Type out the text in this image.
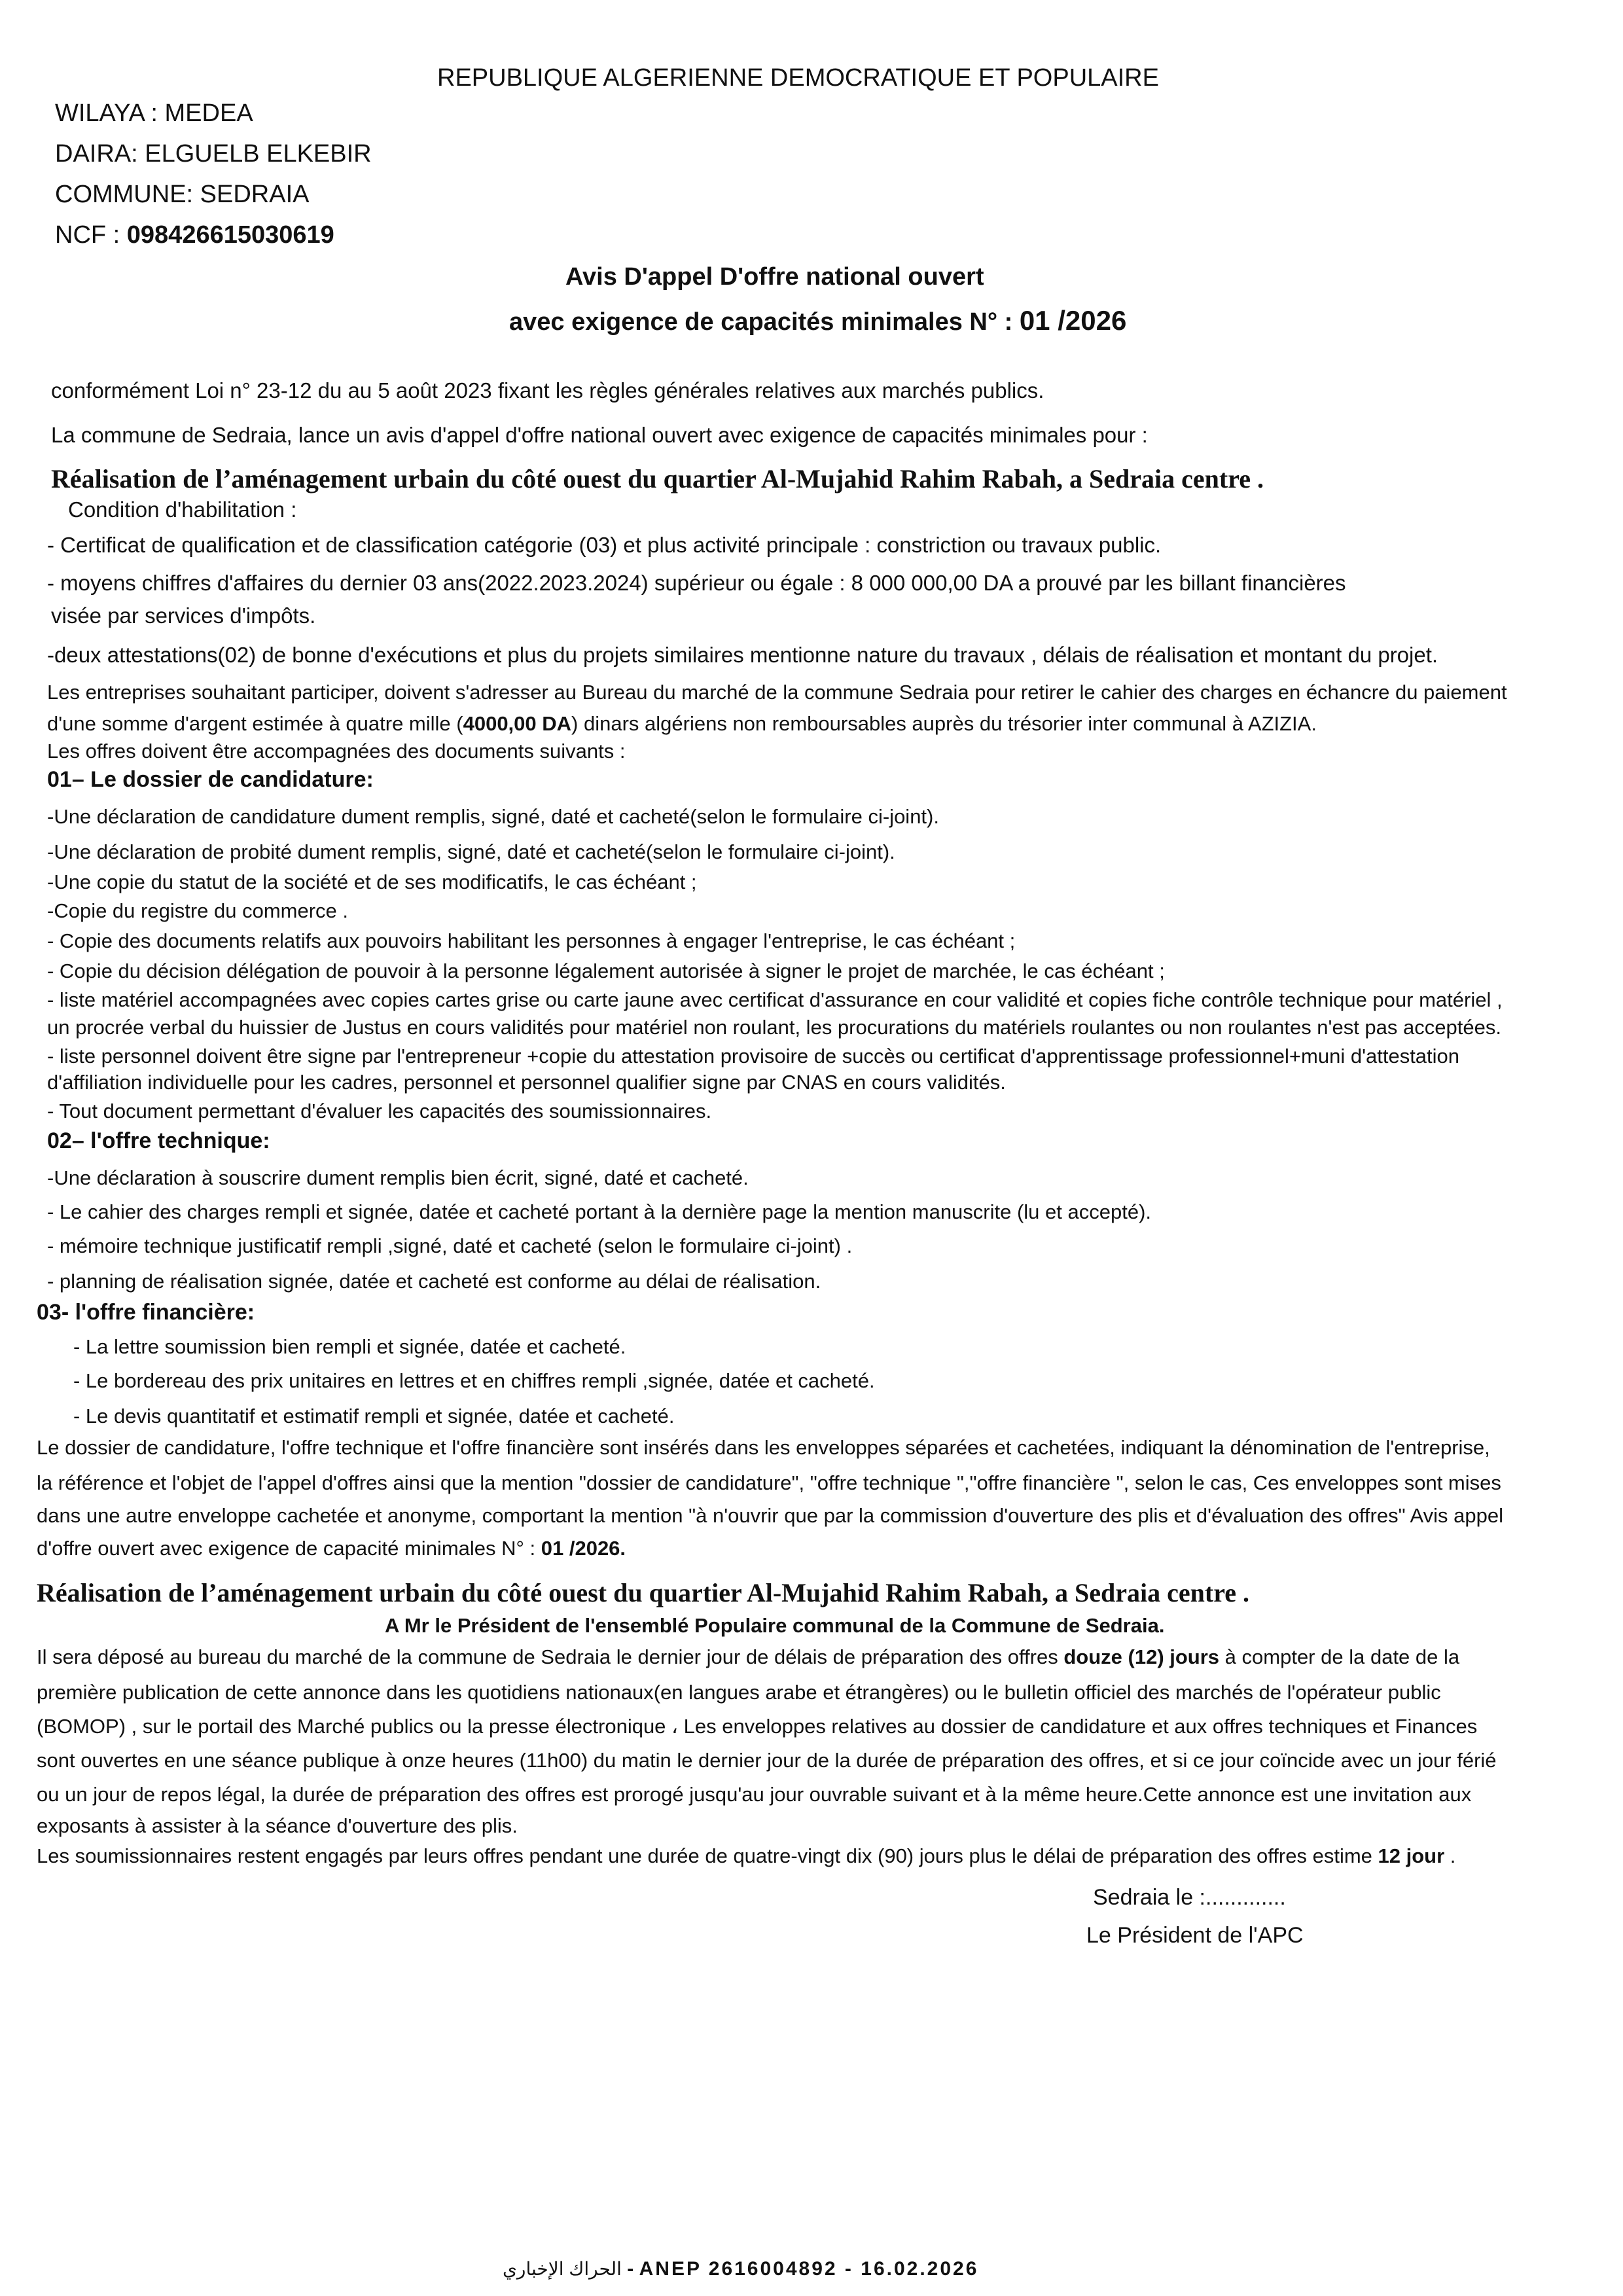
REPUBLIQUE ALGERIENNE DEMOCRATIQUE ET POPULAIRE
WILAYA : MEDEA
DAIRA: ELGUELB ELKEBIR
COMMUNE: SEDRAIA
NCF : 098426615030619
Avis D'appel D'offre national ouvert
avec exigence de capacités minimales N° : 01 /2026
conformément Loi n° 23-12 du au 5 août 2023 fixant les règles générales relatives aux marchés publics.
La commune de Sedraia, lance un avis d'appel d'offre national ouvert avec exigence de capacités minimales pour :
Réalisation de l’aménagement urbain du côté ouest du quartier Al-Mujahid Rahim Rabah, a Sedraia centre .
Condition d'habilitation :
- Certificat de qualification et de classification catégorie (03) et plus activité principale : constriction ou travaux public.
- moyens chiffres d'affaires du dernier 03 ans(2022.2023.2024) supérieur ou égale : 8 000 000,00 DA a prouvé par les billant financières
visée par services d'impôts.
-deux attestations(02) de bonne d'exécutions et plus du projets similaires mentionne nature du travaux , délais de réalisation et montant du projet.
Les entreprises souhaitant participer, doivent s'adresser au Bureau du marché de la commune Sedraia pour retirer le cahier des charges en échancre du paiement
d'une somme d'argent estimée à quatre mille (4000,00 DA) dinars algériens non remboursables auprès du trésorier inter communal à AZIZIA.
Les offres doivent être accompagnées des documents suivants :
01– Le dossier de candidature:
-Une déclaration de candidature dument remplis, signé, daté et cacheté(selon le formulaire ci-joint).
-Une déclaration de probité dument remplis, signé, daté et cacheté(selon le formulaire ci-joint).
-Une copie du statut de la société et de ses modificatifs, le cas échéant ;
-Copie du registre du commerce .
- Copie des documents relatifs aux pouvoirs habilitant les personnes à engager l'entreprise, le cas échéant ;
- Copie du décision délégation de pouvoir à la personne légalement autorisée à signer le projet de marchée, le cas échéant ;
- liste matériel accompagnées avec copies cartes grise ou carte jaune avec certificat d'assurance en cour validité et copies fiche contrôle technique pour matériel ,
un procrée verbal du huissier de Justus en cours validités pour matériel non roulant, les procurations du matériels roulantes ou non roulantes n'est pas acceptées.
- liste personnel doivent être signe par l'entrepreneur +copie du attestation provisoire de succès ou certificat d'apprentissage professionnel+muni d'attestation
d'affiliation individuelle pour les cadres, personnel et personnel qualifier signe par CNAS en cours validités.
- Tout document permettant d'évaluer les capacités des soumissionnaires.
02– l'offre technique:
-Une déclaration à souscrire dument remplis bien écrit, signé, daté et cacheté.
- Le cahier des charges rempli et signée, datée et cacheté portant à la dernière page la mention manuscrite (lu et accepté).
- mémoire technique justificatif rempli ,signé, daté et cacheté (selon le formulaire ci-joint) .
- planning de réalisation signée, datée et cacheté est conforme au délai de réalisation.
03- l'offre financière:
- La lettre soumission bien rempli et signée, datée et cacheté.
- Le bordereau des prix unitaires en lettres et en chiffres rempli ,signée, datée et cacheté.
- Le devis quantitatif et estimatif rempli et signée, datée et cacheté.
Le dossier de candidature, l'offre technique et l'offre financière sont insérés dans les enveloppes séparées et cachetées, indiquant la dénomination de l'entreprise,
la référence et l'objet de l'appel d'offres ainsi que la mention "dossier de candidature", "offre technique ","offre financière ", selon le cas, Ces enveloppes sont mises
dans une autre enveloppe cachetée et anonyme, comportant la mention "à n'ouvrir que par la commission d'ouverture des plis et d'évaluation des offres" Avis appel
d'offre ouvert avec exigence de capacité minimales N° : 01 /2026.
Réalisation de l’aménagement urbain du côté ouest du quartier Al-Mujahid Rahim Rabah, a Sedraia centre .
A Mr le Président de l'ensemblé Populaire communal de la Commune de Sedraia.
Il sera déposé au bureau du marché de la commune de Sedraia le dernier jour de délais de préparation des offres douze (12) jours à compter de la date de la
première publication de cette annonce dans les quotidiens nationaux(en langues arabe et étrangères) ou le bulletin officiel des marchés de l'opérateur public
(BOMOP) , sur le portail des Marché publics ou la presse électronique ، Les enveloppes relatives au dossier de candidature et aux offres techniques et Finances
sont ouvertes en une séance publique à onze heures (11h00) du matin le dernier jour de la durée de préparation des offres, et si ce jour coïncide avec un jour férié
ou un jour de repos légal, la durée de préparation des offres est prorogé jusqu'au jour ouvrable suivant et à la même heure.Cette annonce est une invitation aux
exposants à assister à la séance d'ouverture des plis.
Les soumissionnaires restent engagés par leurs offres pendant une durée de quatre-vingt dix (90) jours plus le délai de préparation des offres estime 12 jour .
Sedraia le :.............
Le Président de l'APC
الحراك الإخباري - ANEP 2616004892 - 16.02.2026
